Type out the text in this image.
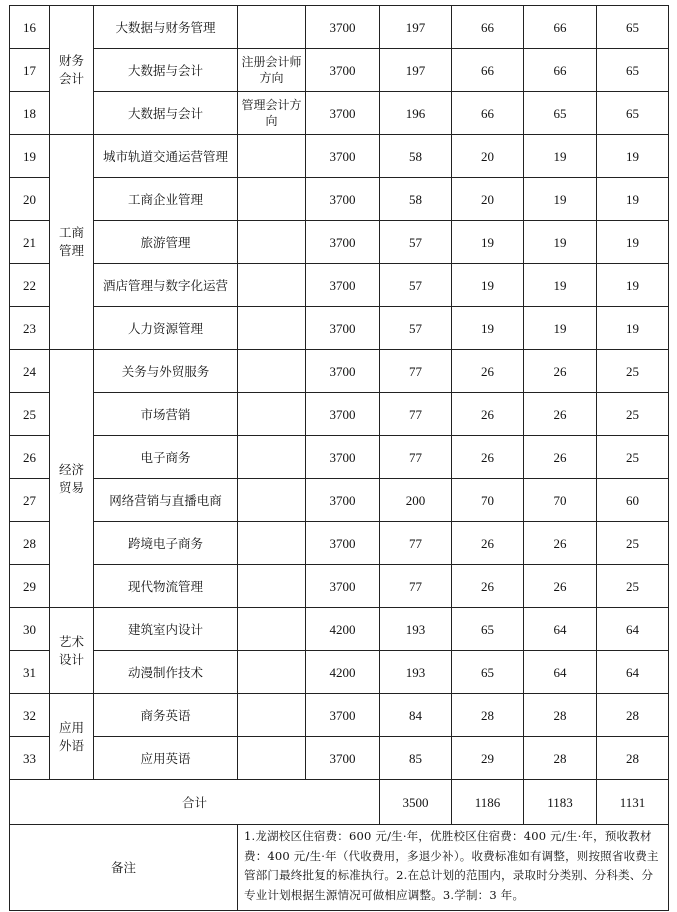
16	财务会计	大数据与财务管理		3700	197	66	66	65
17		大数据与会计	注册会计师方向	3700	197	66	66	65
18		大数据与会计	管理会计方向	3700	196	66	65	65
19	工商管理	城市轨道交通运营管理		3700	58	20	19	19
20		工商企业管理		3700	58	20	19	19
21		旅游管理		3700	57	19	19	19
22		酒店管理与数字化运营		3700	57	19	19	19
23		人力资源管理		3700	57	19	19	19
24	经济贸易	关务与外贸服务		3700	77	26	26	25
25		市场营销		3700	77	26	26	25
26		电子商务		3700	77	26	26	25
27		网络营销与直播电商		3700	200	70	70	60
28		跨境电子商务		3700	77	26	26	25
29		现代物流管理		3700	77	26	26	25
30	艺术设计	建筑室内设计		4200	193	65	64	64
31		动漫制作技术		4200	193	65	64	64
32	应用外语	商务英语		3700	84	28	28	28
33		应用英语		3700	85	29	28	28
合计					3500	1186	1183	1131
备注			1.龙湖校区住宿费：600 元/生·年，优胜校区住宿费：400 元/生·年，预收教材费：400 元/生·年（代收费用，多退少补）。收费标准如有调整，则按照省收费主管部门最终批复的标准执行。2.在总计划的范围内，录取时分类别、分科类、分专业计划根据生源情况可做相应调整。3.学制：3 年。					
